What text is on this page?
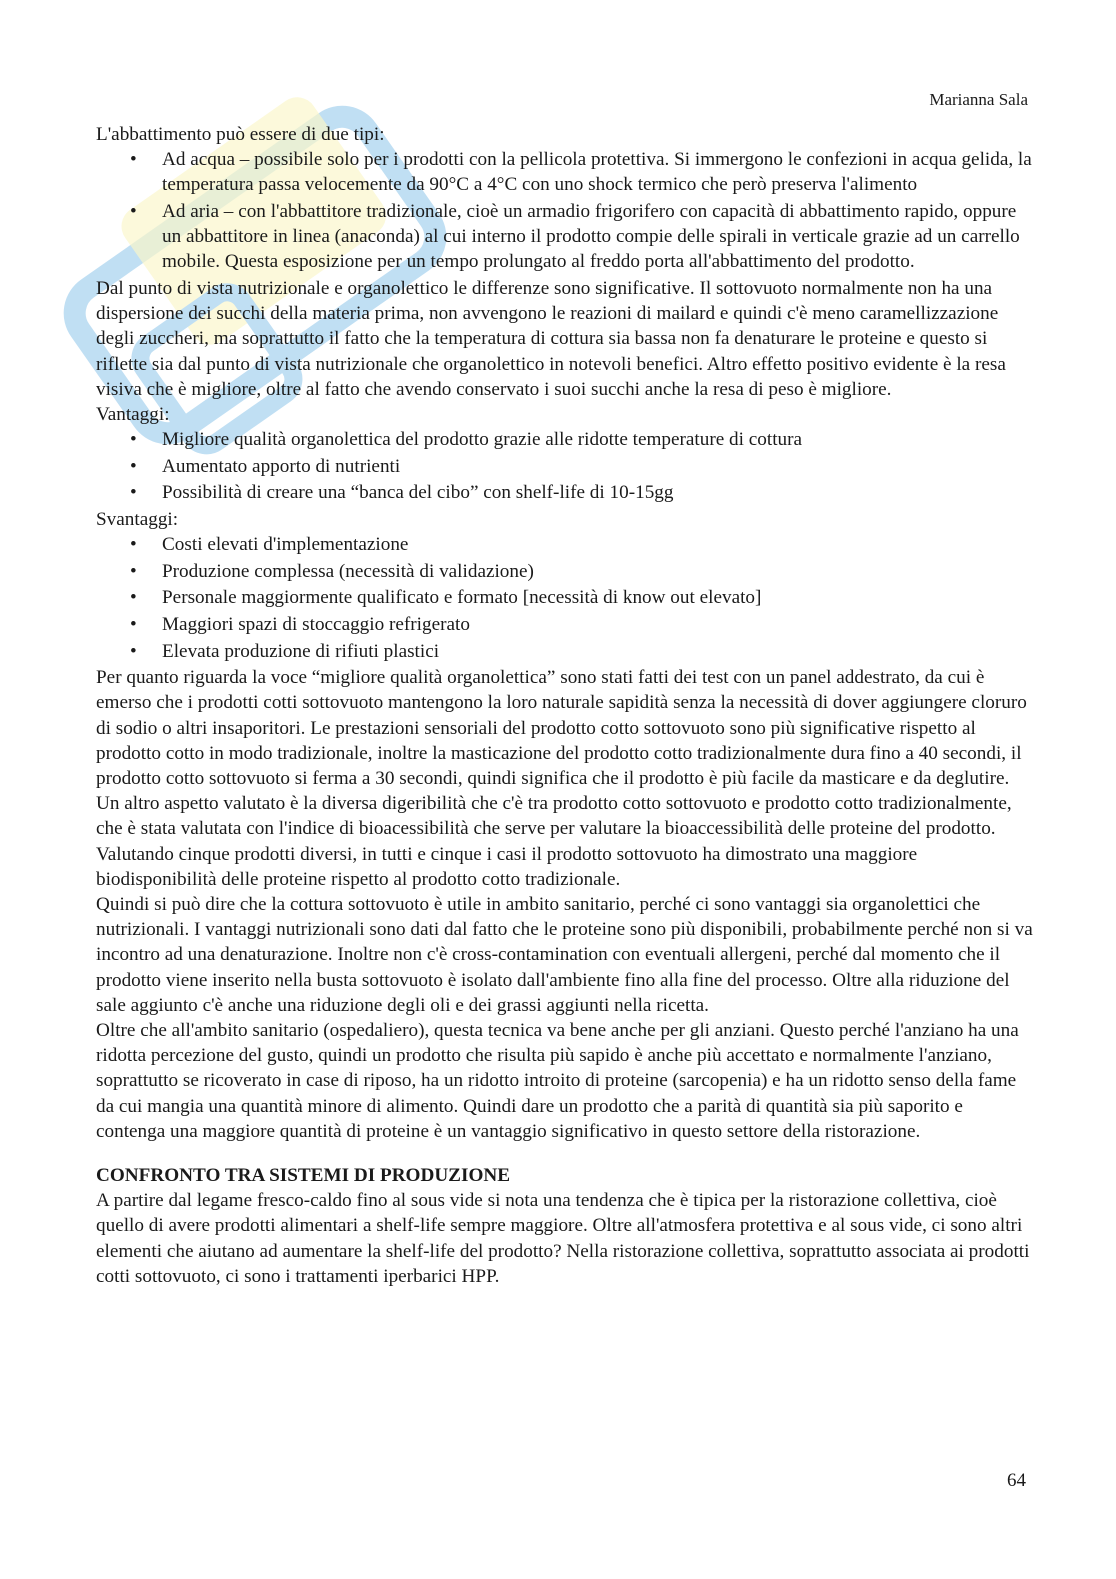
Marianna Sala

L'abbattimento può essere di due tipi:

• Ad acqua – possibile solo per i prodotti con la pellicola protettiva. Si immergono le confezioni in acqua gelida, la temperatura passa velocemente da 90°C a 4°C con uno shock termico che però preserva l'alimento
• Ad aria – con l'abbattitore tradizionale, cioè un armadio frigorifero con capacità di abbattimento rapido, oppure un abbattitore in linea (anaconda) al cui interno il prodotto compie delle spirali in verticale grazie ad un carrello mobile. Questa esposizione per un tempo prolungato al freddo porta all'abbattimento del prodotto.

Dal punto di vista nutrizionale e organolettico le differenze sono significative. Il sottovuoto normalmente non ha una dispersione dei succhi della materia prima, non avvengono le reazioni di mailard e quindi c'è meno caramellizzazione degli zuccheri, ma soprattutto il fatto che la temperatura di cottura sia bassa non fa denaturare le proteine e questo si riflette sia dal punto di vista nutrizionale che organolettico in notevoli benefici. Altro effetto positivo evidente è la resa visiva che è migliore, oltre al fatto che avendo conservato i suoi succhi anche la resa di peso è migliore.

Vantaggi:

• Migliore qualità organolettica del prodotto grazie alle ridotte temperature di cottura
• Aumentato apporto di nutrienti
• Possibilità di creare una “banca del cibo” con shelf-life di 10-15gg

Svantaggi:

• Costi elevati d'implementazione
• Produzione complessa (necessità di validazione)
• Personale maggiormente qualificato e formato [necessità di know out elevato]
• Maggiori spazi di stoccaggio refrigerato
• Elevata produzione di rifiuti plastici

Per quanto riguarda la voce “migliore qualità organolettica” sono stati fatti dei test con un panel addestrato, da cui è emerso che i prodotti cotti sottovuoto mantengono la loro naturale sapidità senza la necessità di dover aggiungere cloruro di sodio o altri insaporitori. Le prestazioni sensoriali del prodotto cotto sottovuoto sono più significative rispetto al prodotto cotto in modo tradizionale, inoltre la masticazione del prodotto cotto tradizionalmente dura fino a 40 secondi, il prodotto cotto sottovuoto si ferma a 30 secondi, quindi significa che il prodotto è più facile da masticare e da deglutire.

Un altro aspetto valutato è la diversa digeribilità che c'è tra prodotto cotto sottovuoto e prodotto cotto tradizionalmente, che è stata valutata con l'indice di bioacessibilità che serve per valutare la bioaccessibilità delle proteine del prodotto. Valutando cinque prodotti diversi, in tutti e cinque i casi il prodotto sottovuoto ha dimostrato una maggiore biodisponibilità delle proteine rispetto al prodotto cotto tradizionale.

Quindi si può dire che la cottura sottovuoto è utile in ambito sanitario, perché ci sono vantaggi sia organolettici che nutrizionali. I vantaggi nutrizionali sono dati dal fatto che le proteine sono più disponibili, probabilmente perché non si va incontro ad una denaturazione. Inoltre non c'è cross-contamination con eventuali allergeni, perché dal momento che il prodotto viene inserito nella busta sottovuoto è isolato dall'ambiente fino alla fine del processo. Oltre alla riduzione del sale aggiunto c'è anche una riduzione degli oli e dei grassi aggiunti nella ricetta.

Oltre che all'ambito sanitario (ospedaliero), questa tecnica va bene anche per gli anziani. Questo perché l'anziano ha una ridotta percezione del gusto, quindi un prodotto che risulta più sapido è anche più accettato e normalmente l'anziano, soprattutto se ricoverato in case di riposo, ha un ridotto introito di proteine (sarcopenia) e ha un ridotto senso della fame da cui mangia una quantità minore di alimento. Quindi dare un prodotto che a parità di quantità sia più saporito e contenga una maggiore quantità di proteine è un vantaggio significativo in questo settore della ristorazione.

CONFRONTO TRA SISTEMI DI PRODUZIONE

A partire dal legame fresco-caldo fino al sous vide si nota una tendenza che è tipica per la ristorazione collettiva, cioè quello di avere prodotti alimentari a shelf-life sempre maggiore. Oltre all'atmosfera protettiva e al sous vide, ci sono altri elementi che aiutano ad aumentare la shelf-life del prodotto? Nella ristorazione collettiva, soprattutto associata ai prodotti cotti sottovuoto, ci sono i trattamenti iperbarici HPP.

64
